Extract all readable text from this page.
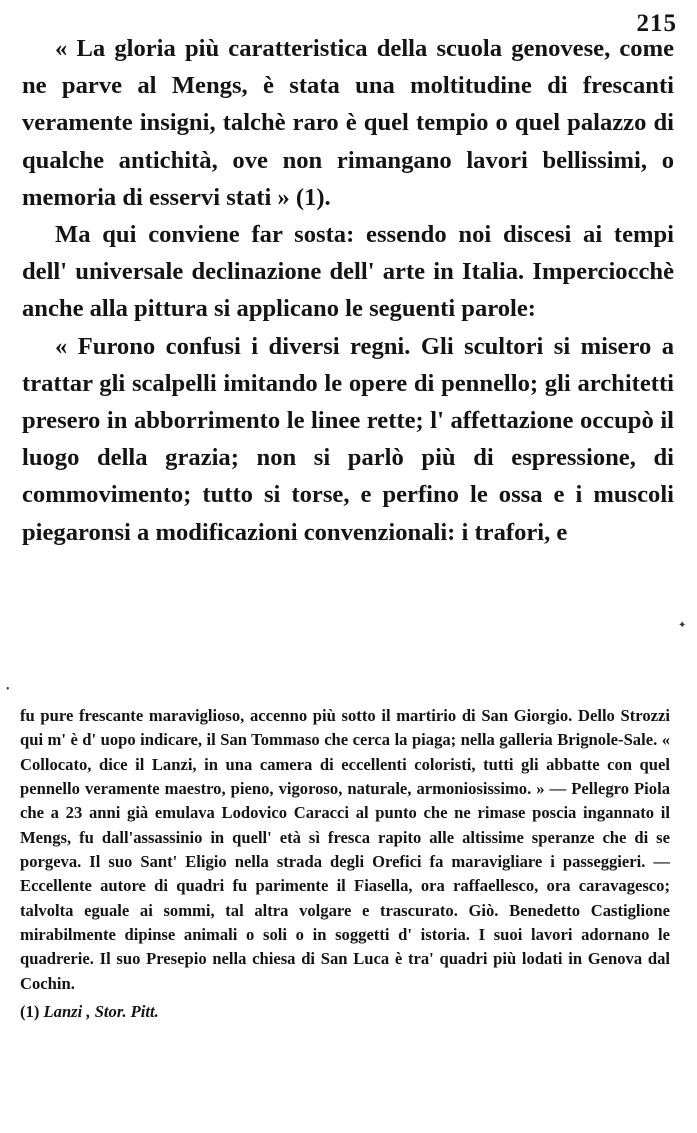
215

« La gloria più caratteristica della scuola genovese, come ne parve al Mengs, è stata una moltitudine di frescanti veramente insigni, talchè raro è quel tempio o quel palazzo di qualche antichità, ove non rimangano lavori bellissimi, o memoria di esservi stati » (1).

Ma qui conviene far sosta: essendo noi discesi ai tempi dell' universale declinazione dell' arte in Italia. Imperciocchè anche alla pittura si applicano le seguenti parole:

« Furono confusi i diversi regni. Gli scultori si misero a trattar gli scalpelli imitando le opere di pennello; gli architetti presero in abborrimento le linee rette; l' affettazione occupò il luogo della grazia; non si parlò più di espressione, di commovimento; tutto si torse, e perfino le ossa e i muscoli piegaronsi a modificazioni convenzionali: i trafori, e

✦
•

fu pure frescante maraviglioso, accenno più sotto il martirio di San Giorgio. Dello Strozzi qui m' è d' uopo indicare, il San Tommaso che cerca la piaga; nella galleria Brignole-Sale. « Collocato, dice il Lanzi, in una camera di eccellenti coloristi, tutti gli abbatte con quel pennello veramente maestro, pieno, vigoroso, naturale, armoniosissimo. » — Pellegro Piola che a 23 anni già emulava Lodovico Caracci al punto che ne rimase poscia ingannato il Mengs, fu dall'assassinio in quell' età sì fresca rapito alle altissime speranze che di se porgeva. Il suo Sant' Eligio nella strada degli Orefici fa maravigliare i passeggieri. — Eccellente autore di quadri fu parimente il Fiasella, ora raffaellesco, ora caravagesco; talvolta eguale ai sommi, tal altra volgare e trascurato. Giò. Benedetto Castiglione mirabilmente dipinse animali o soli o in soggetti d' istoria. I suoi lavori adornano le quadrerie. Il suo Presepio nella chiesa di San Luca è tra' quadri più lodati in Genova dal Cochin.

(1) Lanzi , Stor. Pitt.
